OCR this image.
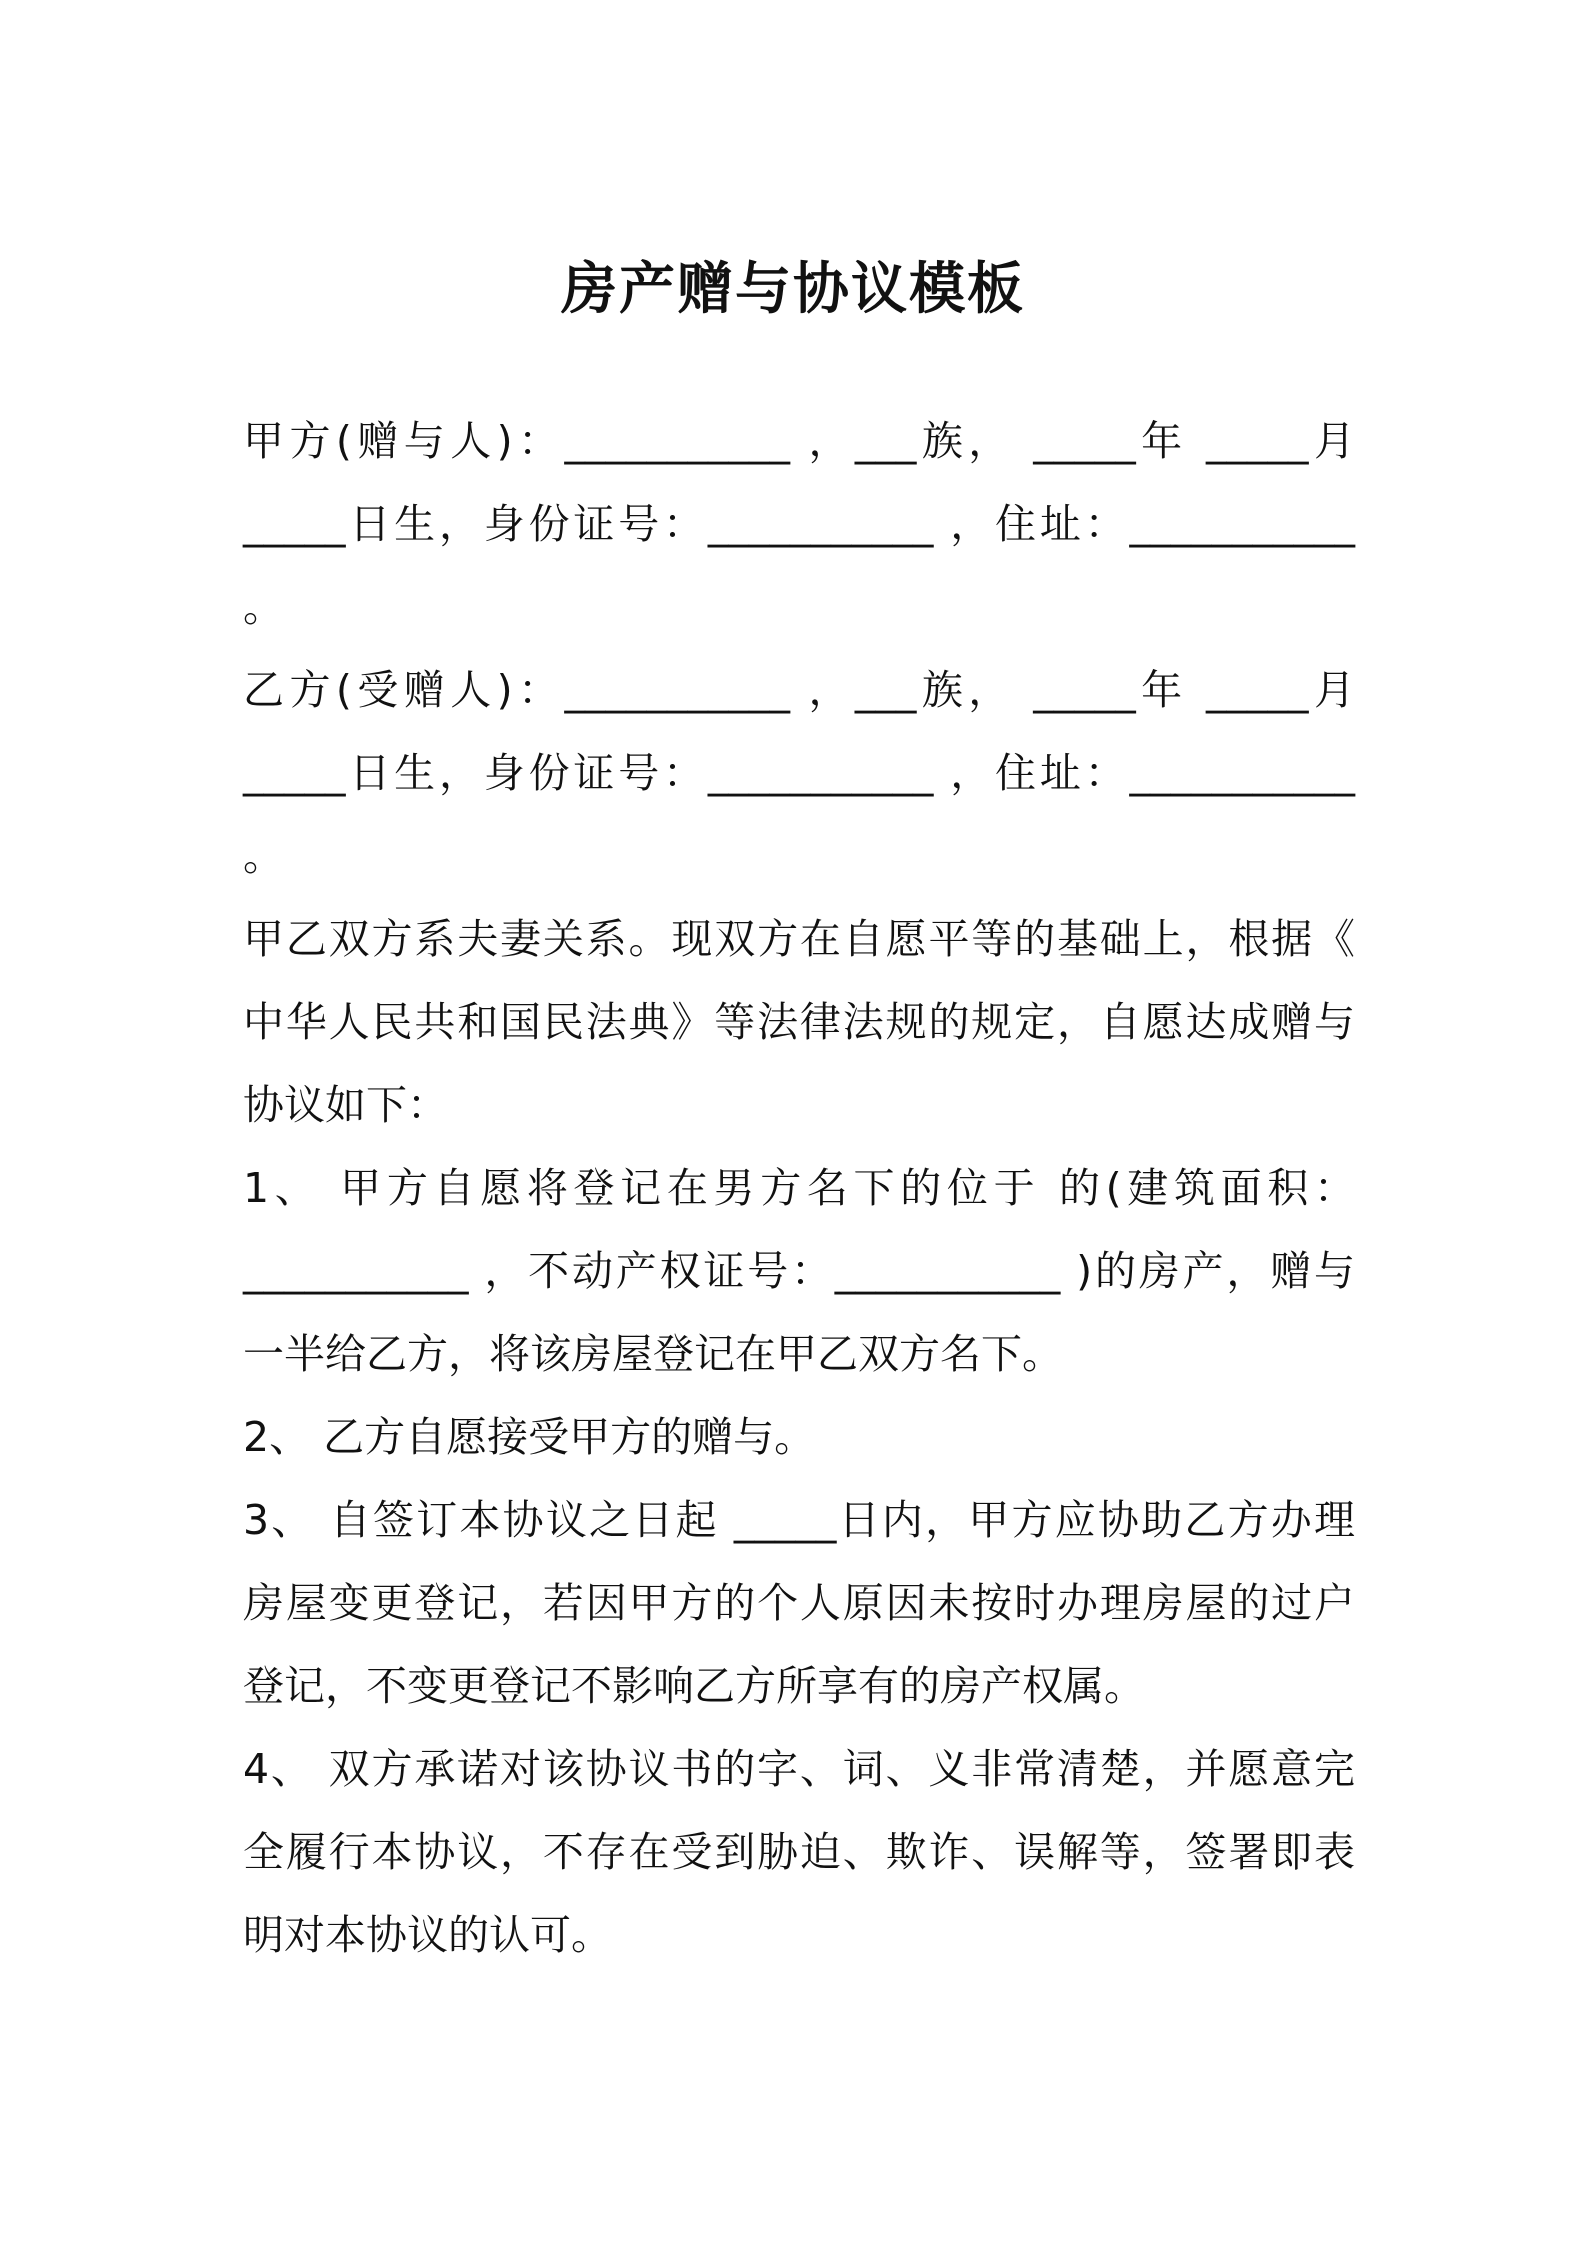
房产赠与协议模板
甲方(赠与人)：___________ ，___族， _____年 _____月
_____日生，身份证号：___________ ，住址：___________
。
乙方(受赠人)：___________ ，___族， _____年 _____月
_____日生，身份证号：___________ ，住址：___________
。
甲乙双方系夫妻关系。现双方在自愿平等的基础上，根据《
中华人民共和国民法典》等法律法规的规定，自愿达成赠与
协议如下：
1、 甲方自愿将登记在男方名下的位于 的(建筑面积：
___________ ，不动产权证号：___________ )的房产，赠与
一半给乙方，将该房屋登记在甲乙双方名下。
2、 乙方自愿接受甲方的赠与。
3、 自签订本协议之日起 _____日内，甲方应协助乙方办理
房屋变更登记，若因甲方的个人原因未按时办理房屋的过户
登记，不变更登记不影响乙方所享有的房产权属。
4、 双方承诺对该协议书的字、词、义非常清楚，并愿意完
全履行本协议，不存在受到胁迫、欺诈、误解等，签署即表
明对本协议的认可。
